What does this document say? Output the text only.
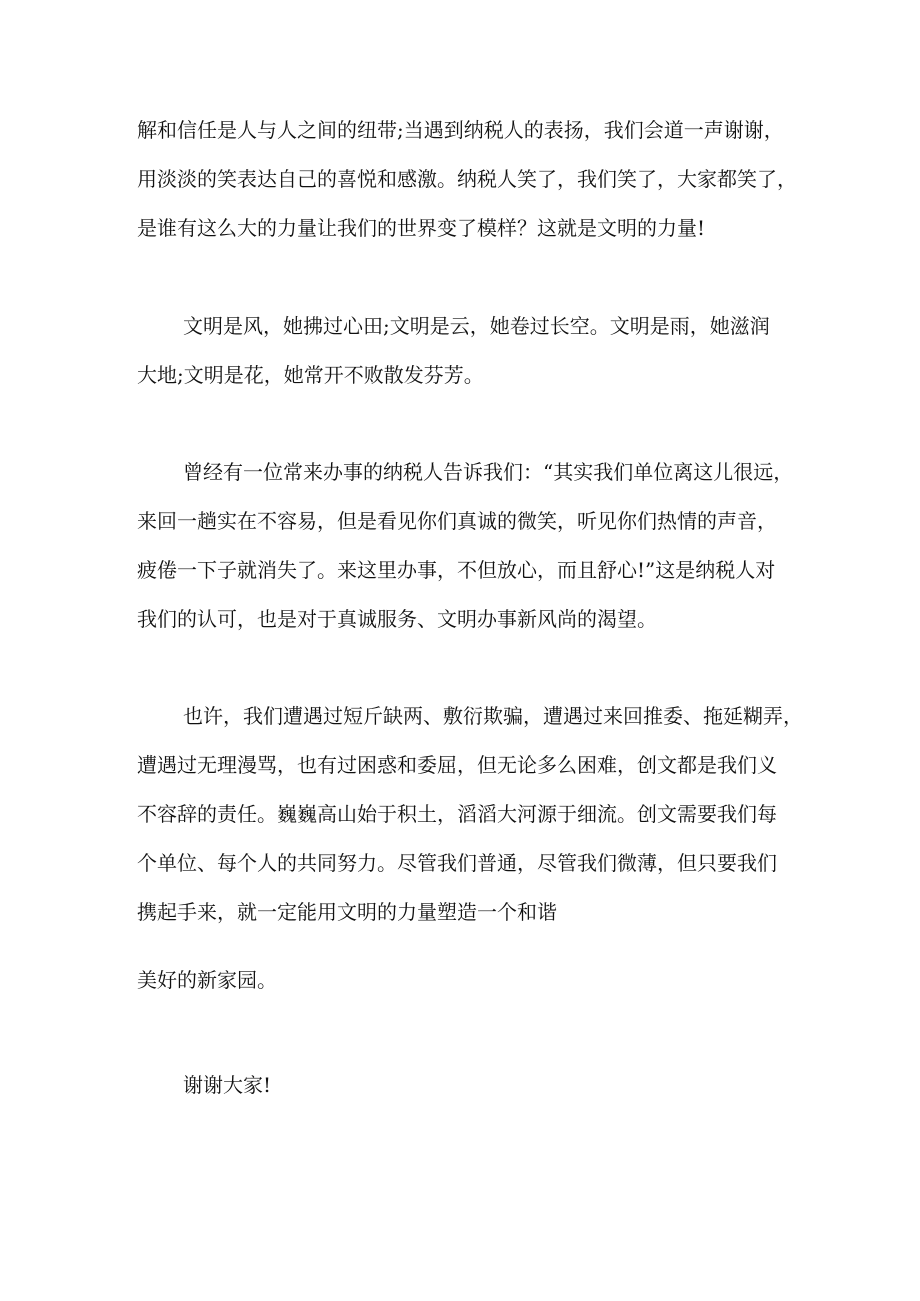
解和信任是人与人之间的纽带;当遇到纳税人的表扬，我们会道一声谢谢，
用淡淡的笑表达自己的喜悦和感激。纳税人笑了，我们笑了，大家都笑了，
是谁有这么大的力量让我们的世界变了模样？这就是文明的力量!
文明是风，她拂过心田;文明是云，她卷过长空。文明是雨，她滋润
大地;文明是花，她常开不败散发芬芳。
曾经有一位常来办事的纳税人告诉我们：“其实我们单位离这儿很远，
来回一趟实在不容易，但是看见你们真诚的微笑，听见你们热情的声音，
疲倦一下子就消失了。来这里办事，不但放心，而且舒心!”这是纳税人对
我们的认可，也是对于真诚服务、文明办事新风尚的渴望。
也许，我们遭遇过短斤缺两、敷衍欺骗，遭遇过来回推委、拖延糊弄，
遭遇过无理漫骂，也有过困惑和委屈，但无论多么困难，创文都是我们义
不容辞的责任。巍巍高山始于积土，滔滔大河源于细流。创文需要我们每
个单位、每个人的共同努力。尽管我们普通，尽管我们微薄，但只要我们
携起手来，就一定能用文明的力量塑造一个和谐
美好的新家园。
谢谢大家!
